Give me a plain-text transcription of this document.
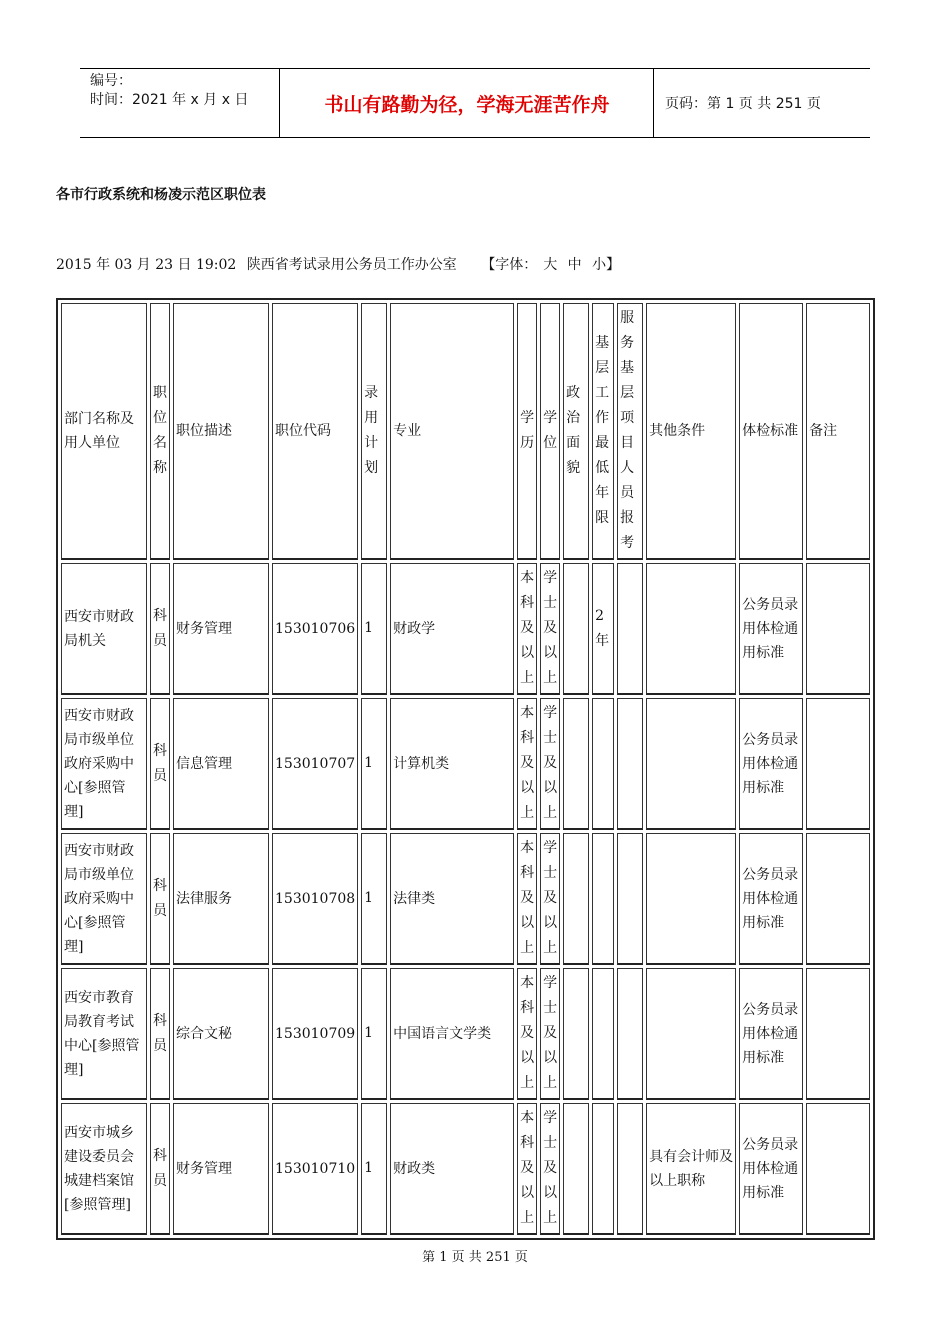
编号：
时间：2021 年 x 月 x 日	书山有路勤为径，学海无涯苦作舟	页码：第 1 页 共 251 页
各市行政系统和杨凌示范区职位表
2015 年 03 月 23 日 19:02 陕西省考试录用公务员工作办公室 【字体： 大 中 小】
部门名称及用人单位	职位名称	职位描述	职位代码	录用计划	专业	学历	学位	政治面貌	基层工作最低年限	服务基层项目人员报考	其他条件	体检标准	备注
西安市财政局机关	科员	财务管理	153010706	1	财政学	本科及以上	学士及以上		2年			公务员录用体检通用标准	
西安市财政局市级单位政府采购中心[参照管理]	科员	信息管理	153010707	1	计算机类	本科及以上	学士及以上					公务员录用体检通用标准	
西安市财政局市级单位政府采购中心[参照管理]	科员	法律服务	153010708	1	法律类	本科及以上	学士及以上					公务员录用体检通用标准	
西安市教育局教育考试中心[参照管理]	科员	综合文秘	153010709	1	中国语言文学类	本科及以上	学士及以上					公务员录用体检通用标准	
西安市城乡建设委员会城建档案馆[参照管理]	科员	财务管理	153010710	1	财政类	本科及以上	学士及以上				具有会计师及以上职称	公务员录用体检通用标准	
第 1 页 共 251 页
